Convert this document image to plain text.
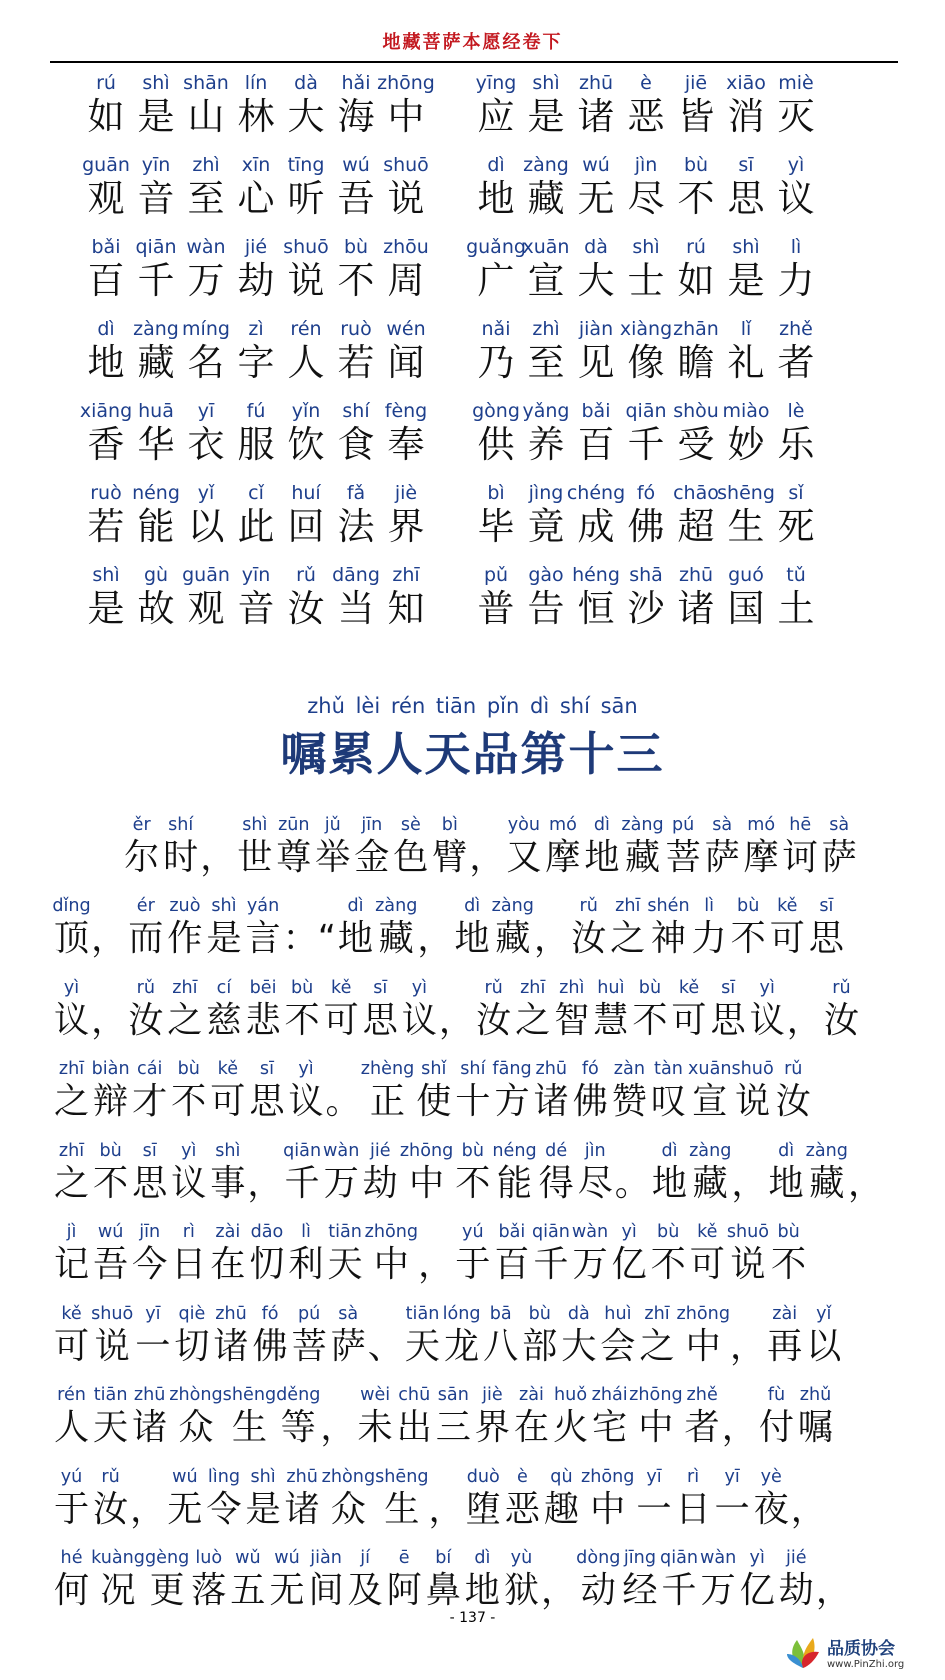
地藏菩萨本愿经卷下
rú
如
shì
是
shān
山
lín
林
dà
大
hǎi
海
zhōng
中
yīng
应
shì
是
zhū
诸
è
恶
jiē
皆
xiāo
消
miè
灭
guān
观
yīn
音
zhì
至
xīn
心
tīng
听
wú
吾
shuō
说
dì
地
zàng
藏
wú
无
jìn
尽
bù
不
sī
思
yì
议
bǎi
百
qiān
千
wàn
万
jié
劫
shuō
说
bù
不
zhōu
周
guǎng
广
xuān
宣
dà
大
shì
士
rú
如
shì
是
lì
力
dì
地
zàng
藏
míng
名
zì
字
rén
人
ruò
若
wén
闻
nǎi
乃
zhì
至
jiàn
见
xiàng
像
zhān
瞻
lǐ
礼
zhě
者
xiāng
香
huā
华
yī
衣
fú
服
yǐn
饮
shí
食
fèng
奉
gòng
供
yǎng
养
bǎi
百
qiān
千
shòu
受
miào
妙
lè
乐
ruò
若
néng
能
yǐ
以
cǐ
此
huí
回
fǎ
法
jiè
界
bì
毕
jìng
竟
chéng
成
fó
佛
chāo
超
shēng
生
sǐ
死
shì
是
gù
故
guān
观
yīn
音
rǔ
汝
dāng
当
zhī
知
pǔ
普
gào
告
héng
恒
shā
沙
zhū
诸
guó
国
tǔ
土
zhǔ lèi rén tiān pǐn dì shí sān
嘱累人天品第十三
ěr
尔
shí
时 ，
shì
世
zūn
尊
jǔ
举
jīn
金
sè
色
bì
臂 ，
yòu
又
mó
摩
dì
地
zàng
藏
pú
菩
sà
萨
mó
摩
hē
诃
sà
萨
dǐng
顶 ，
ér
而
zuò
作
shì
是
yán
言 ：“
dì
地
zàng
藏 ，
dì
地
zàng
藏 ，
rǔ
汝
zhī
之
shén
神
lì
力
bù
不
kě
可
sī
思
yì
议 ，
rǔ
汝
zhī
之
cí
慈
bēi
悲
bù
不
kě
可
sī
思
yì
议 ，
rǔ
汝
zhī
之
zhì
智
huì
慧
bù
不
kě
可
sī
思
yì
议 ，
rǔ
汝
zhī
之
biàn
辩
cái
才
bù
不
kě
可
sī
思
yì
议 。
zhèng
正
shǐ
使
shí
十
fāng
方
zhū
诸
fó
佛
zàn
赞
tàn
叹
xuān
宣
shuō
说
rǔ
汝
zhī
之
bù
不
sī
思
yì
议
shì
事 ，
qiān
千
wàn
万
jié
劫
zhōng
中
bù
不
néng
能
dé
得
jìn
尽 。
dì
地
zàng
藏 ，
dì
地
zàng
藏 ，
jì
记
wú
吾
jīn
今
rì
日
zài
在
dāo
忉
lì
利
tiān
天
zhōng
中 ，
yú
于
bǎi
百
qiān
千
wàn
万
yì
亿
bù
不
kě
可
shuō
说
bù
不
kě
可
shuō
说
yī
一
qiè
切
zhū
诸
fó
佛
pú
菩
sà
萨 、
tiān
天
lóng
龙
bā
八
bù
部
dà
大
huì
会
zhī
之
zhōng
中 ，
zài
再
yǐ
以
rén
人
tiān
天
zhū
诸
zhòng
众
shēng
生
děng
等 ，
wèi
未
chū
出
sān
三
jiè
界
zài
在
huǒ
火
zhái
宅
zhōng
中
zhě
者 ，
fù
付
zhǔ
嘱
yú
于
rǔ
汝 ，
wú
无
lìng
令
shì
是
zhū
诸
zhòng
众
shēng
生 ，
duò
堕
è
恶
qù
趣
zhōng
中
yī
一
rì
日
yī
一
yè
夜 ，
hé
何
kuàng
况
gèng
更
luò
落
wǔ
五
wú
无
jiàn
间
jí
及
ē
阿
bí
鼻
dì
地
yù
狱 ，
dòng
动
jīng
经
qiān
千
wàn
万
yì
亿
jié
劫 ，
- 137 -
品质协会
www.PinZhi.org
